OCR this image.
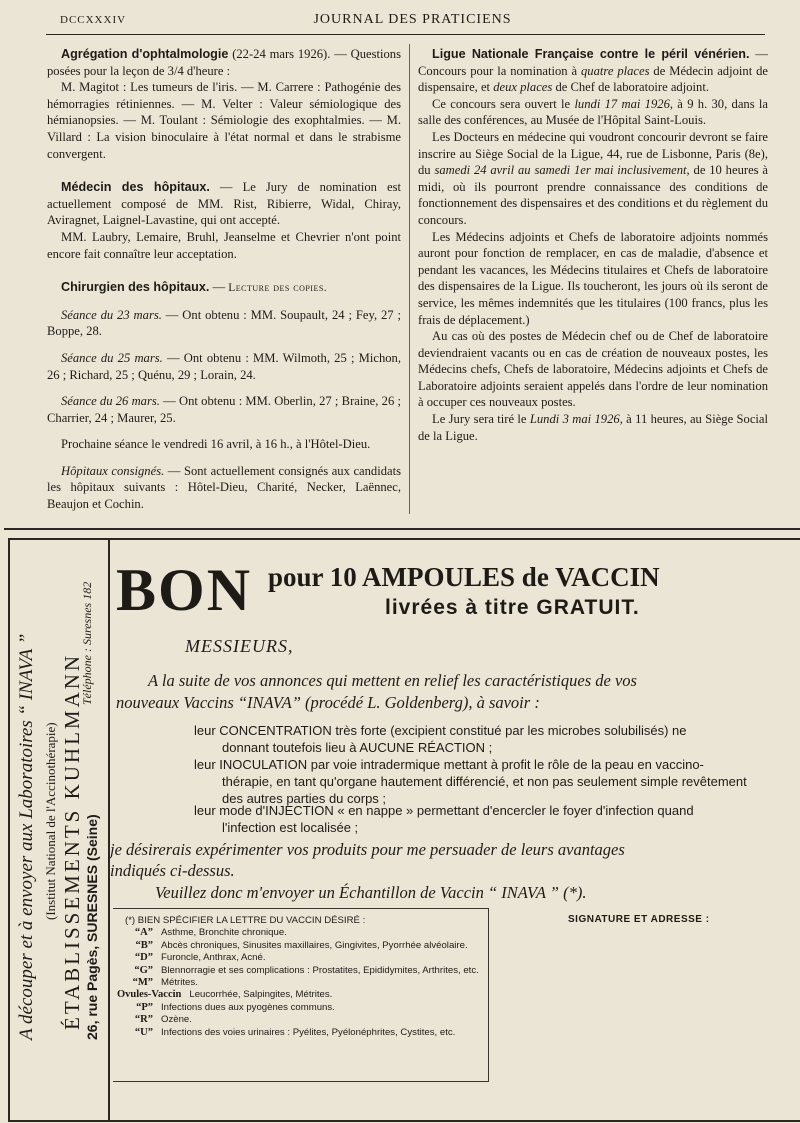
DCCXXXIV	JOURNAL DES PRATICIENS

Agrégation d'ophtalmologie (22-24 mars 1926). — Questions posées pour la leçon de 3/4 d'heure :

M. Magitot : Les tumeurs de l'iris. — M. Carrere : Pathogénie des hémorragies rétiniennes. — M. Velter : Valeur sémiologique des hémianopsies. — M. Toulant : Sémiologie des exophtalmies. — M. Villard : La vision binoculaire à l'état normal et dans le strabisme convergent.

Médecin des hôpitaux. — Le Jury de nomination est actuellement composé de MM. Rist, Ribierre, Widal, Chiray, Aviragnet, Laignel-Lavastine, qui ont accepté.

MM. Laubry, Lemaire, Bruhl, Jeanselme et Chevrier n'ont point encore fait connaître leur acceptation.

Chirurgien des hôpitaux. — Lecture des copies.

Séance du 23 mars. — Ont obtenu : MM. Soupault, 24 ; Fey, 27 ; Boppe, 28.

Séance du 25 mars. — Ont obtenu : MM. Wilmoth, 25 ; Michon, 26 ; Richard, 25 ; Quénu, 29 ; Lorain, 24.

Séance du 26 mars. — Ont obtenu : MM. Oberlin, 27 ; Braine, 26 ; Charrier, 24 ; Maurer, 25.

Prochaine séance le vendredi 16 avril, à 16 h., à l'Hôtel-Dieu.

Hôpitaux consignés. — Sont actuellement consignés aux candidats les hôpitaux suivants : Hôtel-Dieu, Charité, Necker, Laënnec, Beaujon et Cochin.

Ligue Nationale Française contre le péril vénérien. — Concours pour la nomination à quatre places de Médecin adjoint de dispensaire, et deux places de Chef de laboratoire adjoint.

Ce concours sera ouvert le lundi 17 mai 1926, à 9 h. 30, dans la salle des conférences, au Musée de l'Hôpital Saint-Louis.

Les Docteurs en médecine qui voudront concourir devront se faire inscrire au Siège Social de la Ligue, 44, rue de Lisbonne, Paris (8e), du samedi 24 avril au samedi 1er mai inclusivement, de 10 heures à midi, où ils pourront prendre connaissance des conditions de fonctionnement des dispensaires et des conditions et du règlement du concours.

Les Médecins adjoints et Chefs de laboratoire adjoints nommés auront pour fonction de remplacer, en cas de maladie, d'absence et pendant les vacances, les Médecins titulaires et Chefs de laboratoire des dispensaires de la Ligue. Ils toucheront, les jours où ils seront de service, les mêmes indemnités que les titulaires (100 francs, plus les frais de déplacement.)

Au cas où des postes de Médecin chef ou de Chef de laboratoire deviendraient vacants ou en cas de création de nouveaux postes, les Médecins chefs, Chefs de laboratoire, Médecins adjoints et Chefs de Laboratoire adjoints seraient appelés dans l'ordre de leur nomination à occuper ces nouveaux postes.

Le Jury sera tiré le Lundi 3 mai 1926, à 11 heures, au Siège Social de la Ligue.

A découper et à envoyer aux Laboratoires “ INAVA ” (Institut National de l'Accinothérapie) ÉTABLISSEMENTS KUHLMANN 26, rue Pagès, SURESNES (Seine)
Téléphone : Suresnes 182 BON pour 10 AMPOULES de VACCIN
livrées à titre GRATUIT.
MESSIEURS,
A la suite de vos annonces qui mettent en relief les caractéristiques de vos
nouveaux Vaccins “INAVA” (procédé L. Goldenberg), à savoir :
leur CONCENTRATION très forte (excipient constitué par les microbes solubilisés) ne
donnant toutefois lieu à AUCUNE RÉACTION ;
leur INOCULATION par voie intradermique mettant à profit le rôle de la peau en vaccino-
thérapie, en tant qu'organe hautement différencié, et non pas seulement simple revêtement
des autres parties du corps ;
leur mode d'INJECTION « en nappe » permettant d'encercler le foyer d'infection quand
l'infection est localisée ;
je désirerais expérimenter vos produits pour me persuader de leurs avantages
indiqués ci-dessus.
Veuillez donc m'envoyer un Échantillon de Vaccin “ INAVA ” (*).
SIGNATURE ET ADRESSE :
(*) BIEN SPÉCIFIER LA LETTRE DU VACCIN DÉSIRÉ :
“A” Asthme, Bronchite chronique.
“B” Abcès chroniques, Sinusites maxillaires, Gingivites, Pyorrhée alvéolaire.
“D” Furoncle, Anthrax, Acné.
“G” Blennorragie et ses complications : Prostatites, Epididymites, Arthrites, etc.
“M” Métrites.
Ovules-Vaccin Leucorrhée, Salpingites, Métrites.
“P” Infections dues aux pyogènes communs.
“R” Ozène.
“U” Infections des voies urinaires : Pyélites, Pyélonéphrites, Cystites, etc.
